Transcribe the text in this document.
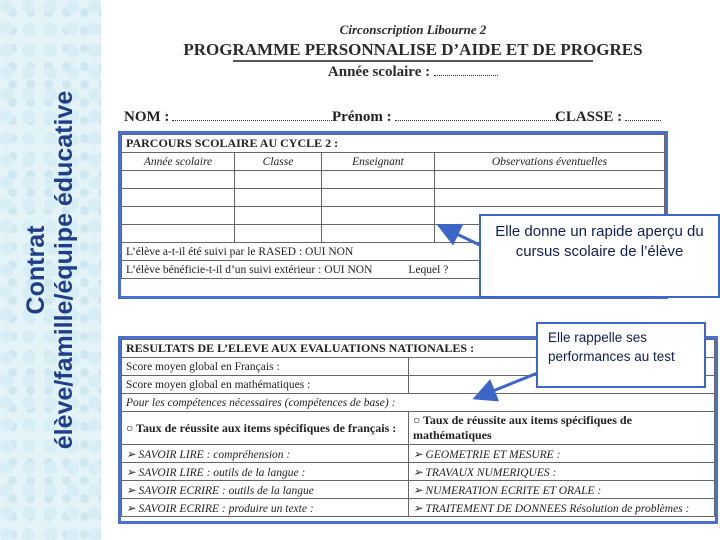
Contrat élève/famille/équipe éducative
Circonscription Libourne 2
PROGRAMME PERSONNALISE D’AIDE ET DE PROGRES
Année scolaire :
NOM :	Prénom :	CLASSE :
PARCOURS SCOLAIRE AU CYCLE 2 :			
Année scolaire	Classe	Enseignant	Observations éventuelles

L’élève a-t-il été suivi par le RASED : OUI NON			
L’élève bénéficie-t-il d’un suivi extérieur : OUI NON Lequel ?			
RESULTATS DE L’ELEVE AUX EVALUATIONS NATIONALES :	
Score moyen global en Français :	
Score moyen global en mathématiques :	
Pour les compétences nécessaires (compétences de base) :	
○ Taux de réussite aux items spécifiques de français :	○ Taux de réussite aux items spécifiques de mathématiques
➢ SAVOIR LIRE : compréhension :	➢ GEOMETRIE ET MESURE :
➢ SAVOIR LIRE : outils de la langue :	➢ TRAVAUX NUMERIQUES :
➢ SAVOIR ECRIRE : outils de la langue	➢ NUMERATION ECRITE ET ORALE :
➢ SAVOIR ECRIRE : produire un texte :	➢ TRAITEMENT DE DONNEES Résolution de problèmes :
Elle donne un rapide aperçu du cursus scolaire de l’élève
Elle rappelle ses performances au test
